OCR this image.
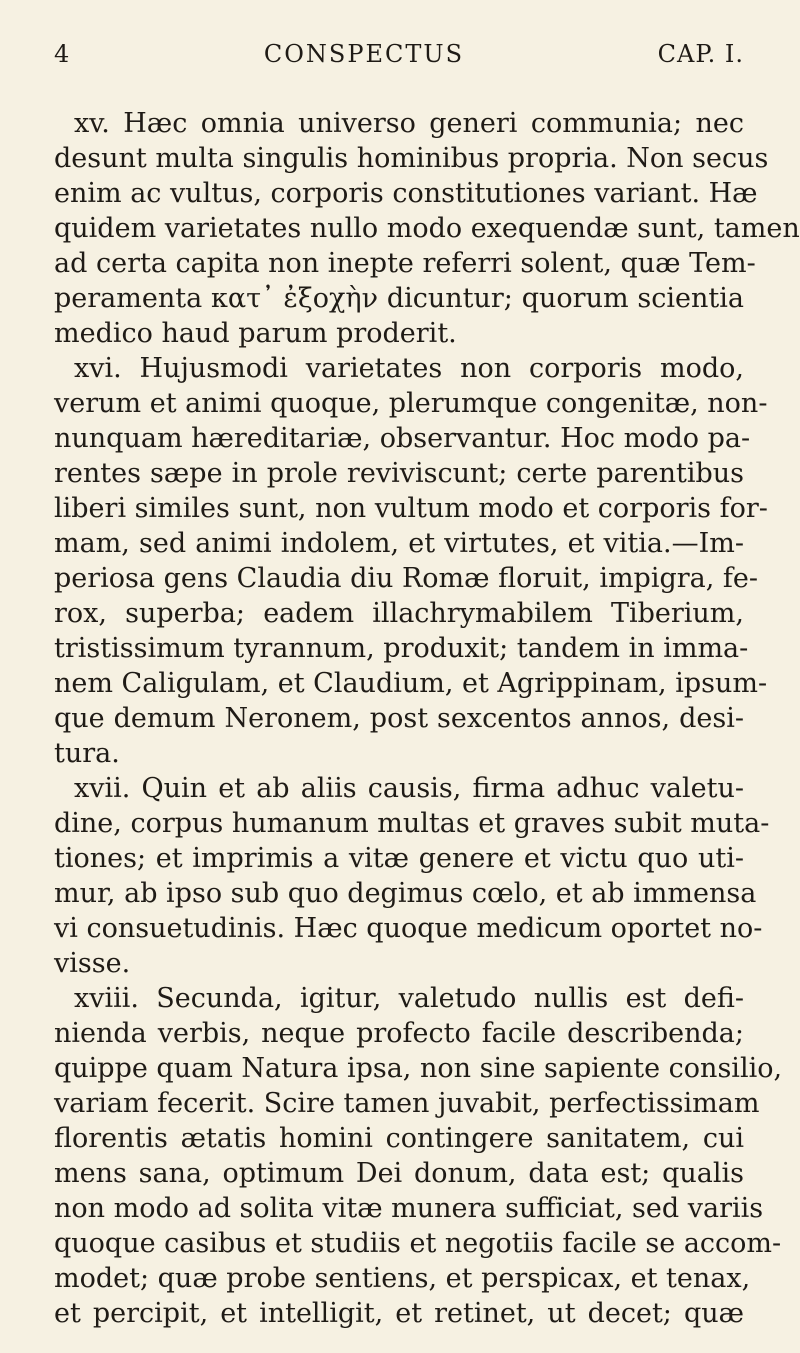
4	CONSPECTUS	CAP. I.
xv. Hæc omnia universo generi communia; nec
desunt multa singulis hominibus propria. Non secus
enim ac vultus, corporis constitutiones variant. Hæ
quidem varietates nullo modo exequendæ sunt, tamen
ad certa capita non inepte referri solent, quæ Tem-
peramenta κατ᾽ ἐξοχὴν dicuntur; quorum scientia
medico haud parum proderit.
xvi. Hujusmodi varietates non corporis modo,
verum et animi quoque, plerumque congenitæ, non-
nunquam hæreditariæ, observantur. Hoc modo pa-
rentes sæpe in prole reviviscunt; certe parentibus
liberi similes sunt, non vultum modo et corporis for-
mam, sed animi indolem, et virtutes, et vitia.—Im-
periosa gens Claudia diu Romæ floruit, impigra, fe-
rox, superba; eadem illachrymabilem Tiberium,
tristissimum tyrannum, produxit; tandem in imma-
nem Caligulam, et Claudium, et Agrippinam, ipsum-
que demum Neronem, post sexcentos annos, desi-
tura.
xvii. Quin et ab aliis causis, firma adhuc valetu-
dine, corpus humanum multas et graves subit muta-
tiones; et imprimis a vitæ genere et victu quo uti-
mur, ab ipso sub quo degimus cœlo, et ab immensa
vi consuetudinis. Hæc quoque medicum oportet no-
visse.
xviii. Secunda, igitur, valetudo nullis est defi-
nienda verbis, neque profecto facile describenda;
quippe quam Natura ipsa, non sine sapiente consilio,
variam fecerit. Scire tamen juvabit, perfectissimam
florentis ætatis homini contingere sanitatem, cui
mens sana, optimum Dei donum, data est; qualis
non modo ad solita vitæ munera sufficiat, sed variis
quoque casibus et studiis et negotiis facile se accom-
modet; quæ probe sentiens, et perspicax, et tenax,
et percipit, et intelligit, et retinet, ut decet; quæ
